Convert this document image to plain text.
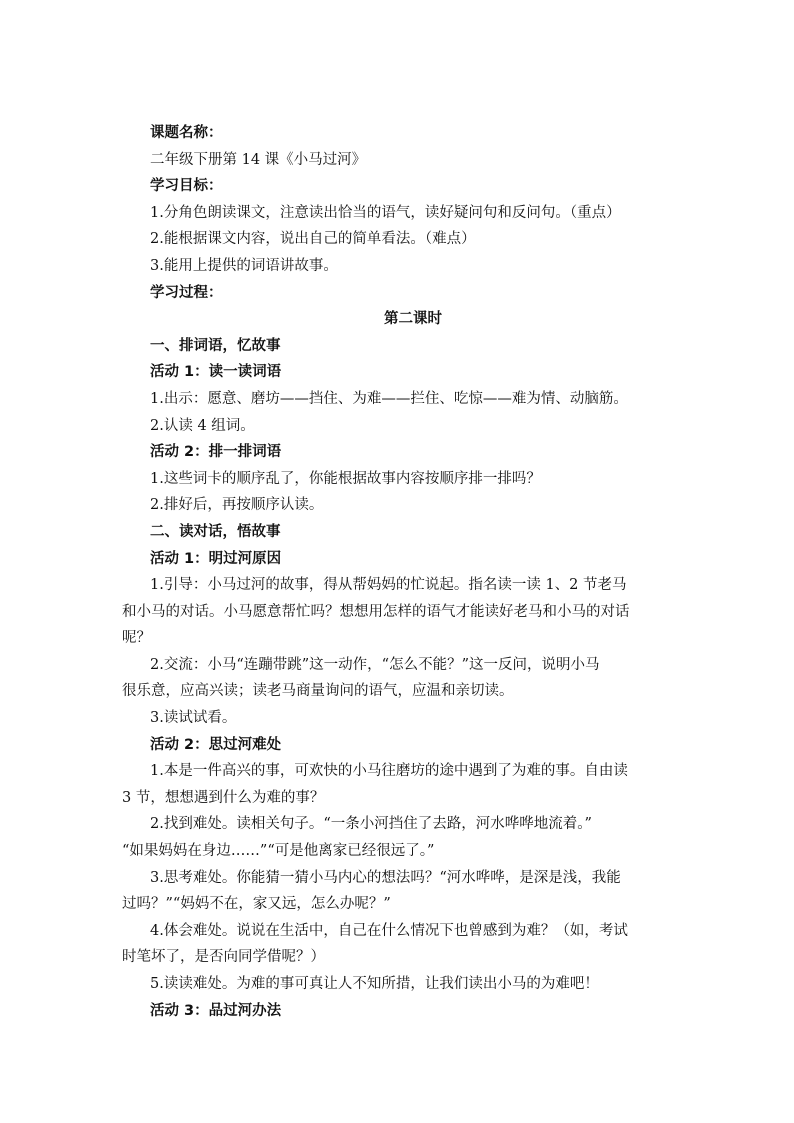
课题名称：
二年级下册第 14 课《小马过河》
学习目标：
1.分角色朗读课文，注意读出恰当的语气，读好疑问句和反问句。（重点）
2.能根据课文内容，说出自己的简单看法。（难点）
3.能用上提供的词语讲故事。
学习过程：
第二课时
一、排词语，忆故事
活动 1：读一读词语
1.出示：愿意、磨坊——挡住、为难——拦住、吃惊——难为情、动脑筋。
2.认读 4 组词。
活动 2：排一排词语
1.这些词卡的顺序乱了，你能根据故事内容按顺序排一排吗？
2.排好后，再按顺序认读。
二、读对话，悟故事
活动 1：明过河原因
1.引导：小马过河的故事，得从帮妈妈的忙说起。指名读一读 1、2 节老马
和小马的对话。小马愿意帮忙吗？想想用怎样的语气才能读好老马和小马的对话
呢？
2.交流：小马“连蹦带跳”这一动作，“怎么不能？”这一反问，说明小马
很乐意，应高兴读；读老马商量询问的语气，应温和亲切读。
3.读试试看。
活动 2：思过河难处
1.本是一件高兴的事，可欢快的小马往磨坊的途中遇到了为难的事。自由读
3 节，想想遇到什么为难的事？
2.找到难处。读相关句子。“一条小河挡住了去路，河水哗哗地流着。”
“如果妈妈在身边……”“可是他离家已经很远了。”
3.思考难处。你能猜一猜小马内心的想法吗？“河水哗哗，是深是浅，我能
过吗？”“妈妈不在，家又远，怎么办呢？”
4.体会难处。说说在生活中，自己在什么情况下也曾感到为难？（如，考试
时笔坏了，是否向同学借呢？）
5.读读难处。为难的事可真让人不知所措，让我们读出小马的为难吧！
活动 3：品过河办法
